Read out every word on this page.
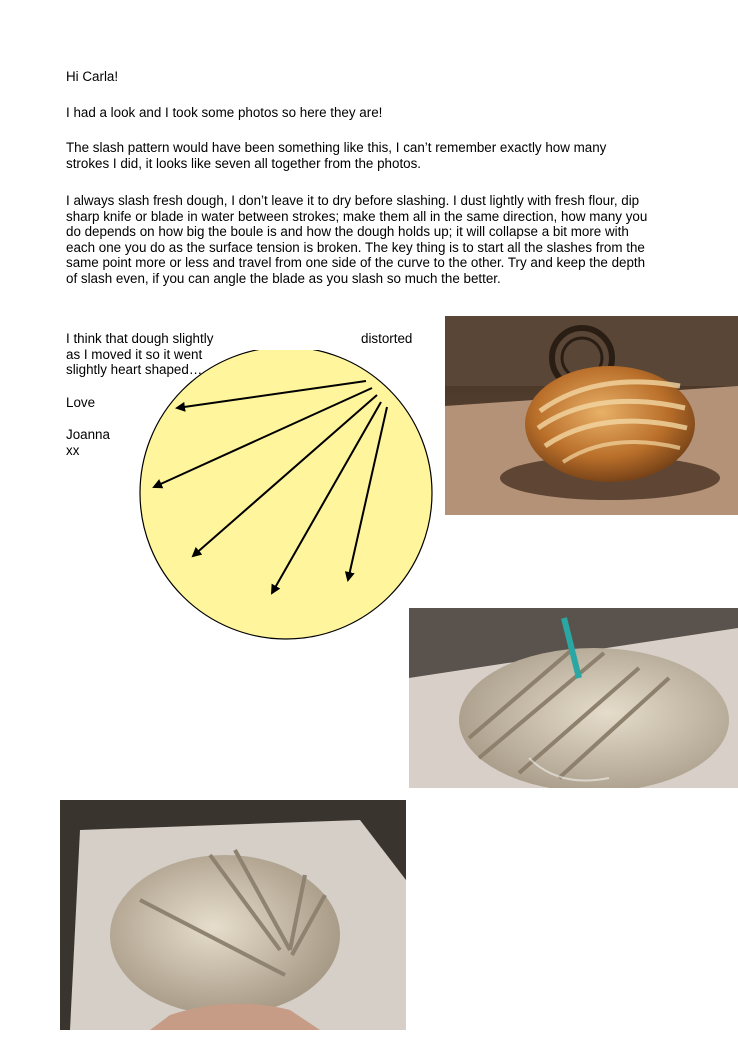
Hi Carla!

I had a look and I took some photos so here they are!

The slash pattern would have been something like this, I can’t remember exactly how many strokes I did, it looks like seven all together from the photos.

I always slash fresh dough, I don’t leave it to dry before slashing. I dust lightly with fresh flour, dip sharp knife or blade in water between strokes; make them all in the same direction, how many you do depends on how big the boule is and how the dough holds up; it will collapse a bit more with each one you do as the surface tension is broken. The key thing is to start all the slashes from the same point more or less and travel from one side of the curve to the other. Try and keep the depth of slash even, if you can angle the blade as you slash so much the better.

I think that dough slightly as I moved it so it went slightly heart shaped…

Love

Joanna

xx

distorted
